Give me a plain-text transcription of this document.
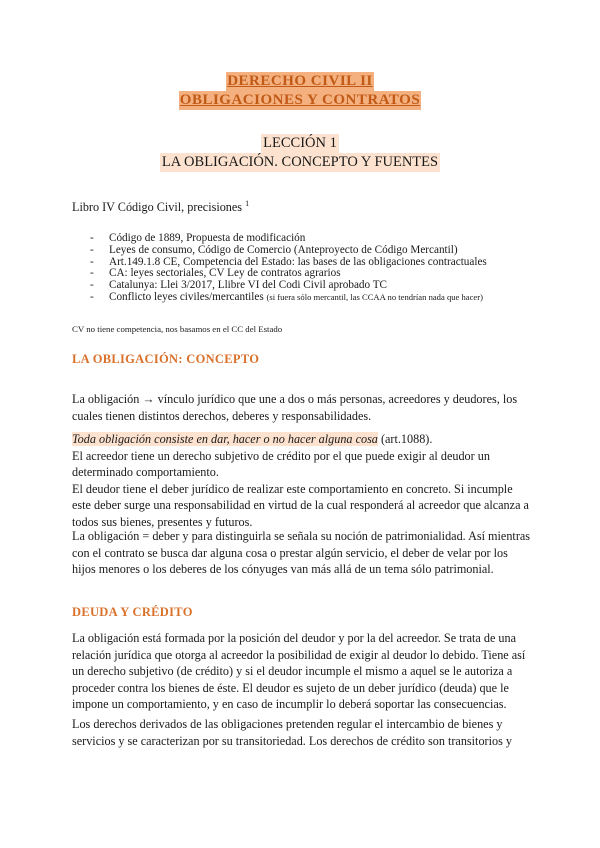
DERECHO CIVIL II
OBLIGACIONES Y CONTRATOS
LECCIÓN 1
LA OBLIGACIÓN. CONCEPTO Y FUENTES
Libro IV Código Civil, precisiones $^1$
- Código de 1889, Propuesta de modificación
- Leyes de consumo, Código de Comercio (Anteproyecto de Código Mercantil)
- Art.149.1.8 CE, Competencia del Estado: las bases de las obligaciones contractuales
- CA: leyes sectoriales, CV Ley de contratos agrarios
- Catalunya: Llei 3/2017, Llibre VI del Codi Civil aprobado TC
- Conflicto leyes civiles/mercantiles (si fuera sólo mercantil, las CCAA no tendrían nada que hacer)
CV no tiene competencia, nos basamos en el CC del Estado
LA OBLIGACIÓN: CONCEPTO

La obligación → vínculo jurídico que une a dos o más personas, acreedores y deudores, los cuales tienen distintos derechos, deberes y responsabilidades.

Toda obligación consiste en dar, hacer o no hacer alguna cosa (art.1088).
El acreedor tiene un derecho subjetivo de crédito por el que puede exigir al deudor un determinado comportamiento.
El deudor tiene el deber jurídico de realizar este comportamiento en concreto. Si incumple este deber surge una responsabilidad en virtud de la cual responderá al acreedor que alcanza a todos sus bienes, presentes y futuros.

La obligación = deber y para distinguirla se señala su noción de patrimonialidad. Así mientras con el contrato se busca dar alguna cosa o prestar algún servicio, el deber de velar por los hijos menores o los deberes de los cónyuges van más allá de un tema sólo patrimonial.

DEUDA Y CRÉDITO

La obligación está formada por la posición del deudor y por la del acreedor. Se trata de una relación jurídica que otorga al acreedor la posibilidad de exigir al deudor lo debido. Tiene así un derecho subjetivo (de crédito) y si el deudor incumple el mismo a aquel se le autoriza a proceder contra los bienes de éste. El deudor es sujeto de un deber jurídico (deuda) que le impone un comportamiento, y en caso de incumplir lo deberá soportar las consecuencias.

Los derechos derivados de las obligaciones pretenden regular el intercambio de bienes y servicios y se caracterizan por su transitoriedad. Los derechos de crédito son transitorios y
